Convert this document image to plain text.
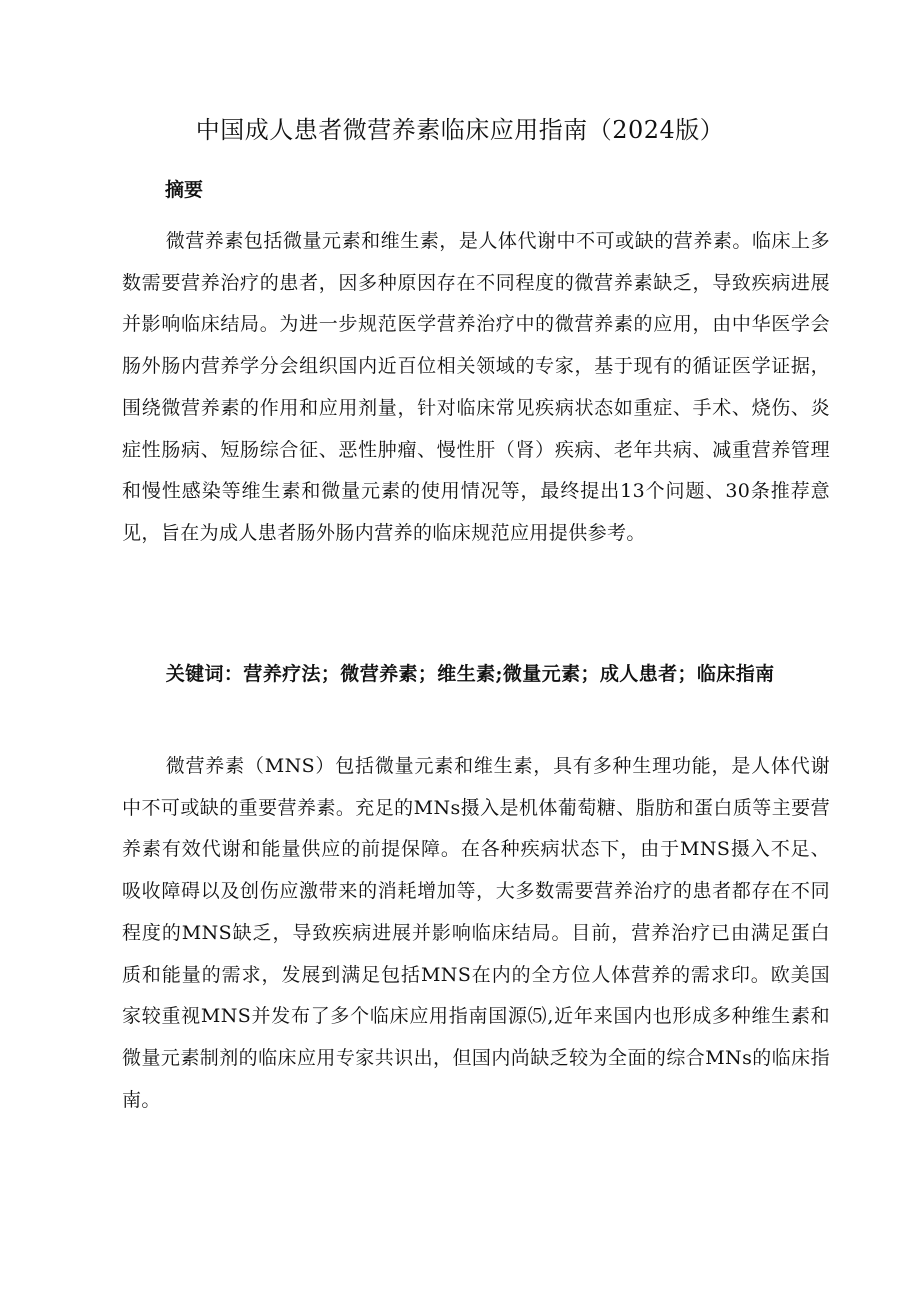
中国成人患者微营养素临床应用指南（2024版）
摘要

微营养素包括微量元素和维生素，是人体代谢中不可或缺的营养素。临床上多数需要营养治疗的患者，因多种原因存在不同程度的微营养素缺乏，导致疾病进展并影响临床结局。为进一步规范医学营养治疗中的微营养素的应用，由中华医学会肠外肠内营养学分会组织国内近百位相关领域的专家，基于现有的循证医学证据，围绕微营养素的作用和应用剂量，针对临床常见疾病状态如重症、手术、烧伤、炎症性肠病、短肠综合征、恶性肿瘤、慢性肝（肾）疾病、老年共病、减重营养管理和慢性感染等维生素和微量元素的使用情况等，最终提出13个问题、30条推荐意见，旨在为成人患者肠外肠内营养的临床规范应用提供参考。

关键词：营养疗法；微营养素；维生素;微量元素；成人患者；临床指南

微营养素（MNS）包括微量元素和维生素，具有多种生理功能，是人体代谢中不可或缺的重要营养素。充足的MNs摄入是机体葡萄糖、脂肪和蛋白质等主要营养素有效代谢和能量供应的前提保障。在各种疾病状态下，由于MNS摄入不足、吸收障碍以及创伤应激带来的消耗增加等，大多数需要营养治疗的患者都存在不同程度的MNS缺乏，导致疾病进展并影响临床结局。目前，营养治疗已由满足蛋白质和能量的需求，发展到满足包括MNS在内的全方位人体营养的需求印。欧美国家较重视MNS并发布了多个临床应用指南国源⑸,近年来国内也形成多种维生素和微量元素制剂的临床应用专家共识出，但国内尚缺乏较为全面的综合MNs的临床指南。
